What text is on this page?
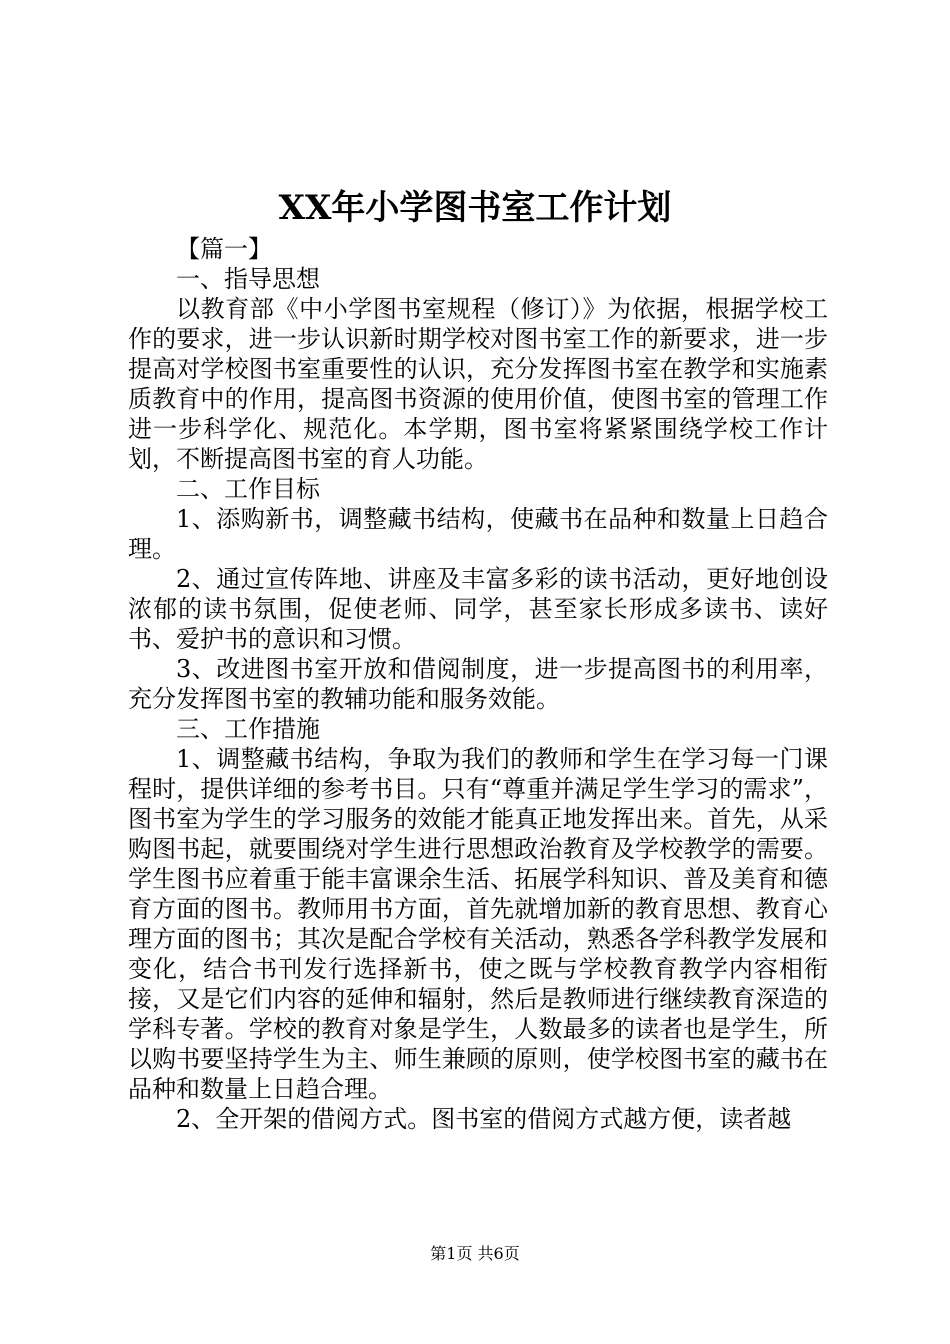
XX年小学图书室工作计划

【篇一】

一、指导思想

以教育部《中小学图书室规程（修订）》为依据，根据学校工作的要求，进一步认识新时期学校对图书室工作的新要求，进一步提高对学校图书室重要性的认识，充分发挥图书室在教学和实施素质教育中的作用，提高图书资源的使用价值，使图书室的管理工作进一步科学化、规范化。本学期，图书室将紧紧围绕学校工作计划，不断提高图书室的育人功能。

二、工作目标

1、添购新书，调整藏书结构，使藏书在品种和数量上日趋合理。

2、通过宣传阵地、讲座及丰富多彩的读书活动，更好地创设浓郁的读书氛围，促使老师、同学，甚至家长形成多读书、读好书、爱护书的意识和习惯。

3、改进图书室开放和借阅制度，进一步提高图书的利用率，充分发挥图书室的教辅功能和服务效能。

三、工作措施

1、调整藏书结构，争取为我们的教师和学生在学习每一门课程时，提供详细的参考书目。只有“尊重并满足学生学习的需求”，图书室为学生的学习服务的效能才能真正地发挥出来。首先，从采购图书起，就要围绕对学生进行思想政治教育及学校教学的需要。学生图书应着重于能丰富课余生活、拓展学科知识、普及美育和德育方面的图书。教师用书方面，首先就增加新的教育思想、教育心理方面的图书；其次是配合学校有关活动，熟悉各学科教学发展和变化，结合书刊发行选择新书，使之既与学校教育教学内容相衔接，又是它们内容的延伸和辐射，然后是教师进行继续教育深造的学科专著。学校的教育对象是学生，人数最多的读者也是学生，所以购书要坚持学生为主、师生兼顾的原则，使学校图书室的藏书在品种和数量上日趋合理。

2、全开架的借阅方式。图书室的借阅方式越方便，读者越

第1页 共6页
